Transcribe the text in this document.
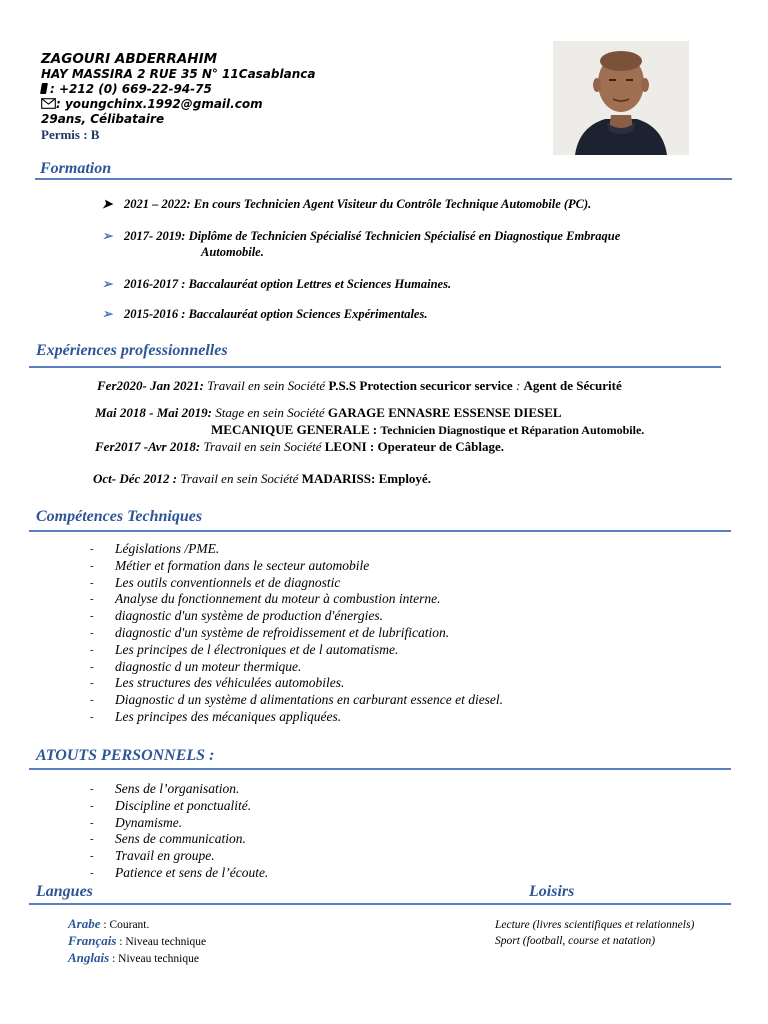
ZAGOURI ABDERRAHIM
HAY MASSIRA 2 RUE 35 N° 11Casablanca
: +212 (0) 669-22-94-75
: youngchinx.1992@gmail.com
29ans, Célibataire
Permis : B
Formation
➤ 2021 – 2022: En cours Technicien Agent Visiteur du Contrôle Technique Automobile (PC).
➢ 2017- 2019: Diplôme de Technicien Spécialisé Technicien Spécialisé en Diagnostique Embraque
Automobile.
➢ 2016-2017 : Baccalauréat option Lettres et Sciences Humaines.
➢ 2015-2016 : Baccalauréat option Sciences Expérimentales.
Expériences professionnelles
Fer2020- Jan 2021: Travail en sein Société P.S.S Protection securicor service : Agent de Sécurité
Mai 2018 - Mai 2019: Stage en sein Société GARAGE ENNASRE ESSENSE DIESEL
MECANIQUE GENERALE : Technicien Diagnostique et Réparation Automobile.
Fer2017 -Avr 2018: Travail en sein Société LEONI : Operateur de Câblage.
Oct- Déc 2012 : Travail en sein Société MADARISS: Employé.
Compétences Techniques
- Législations /PME.
- Métier et formation dans le secteur automobile
- Les outils conventionnels et de diagnostic
- Analyse du fonctionnement du moteur à combustion interne.
- diagnostic d'un système de production d'énergies.
- diagnostic d'un système de refroidissement et de lubrification.
- Les principes de l électroniques et de l automatisme.
- diagnostic d un moteur thermique.
- Les structures des véhiculées automobiles.
- Diagnostic d un système d alimentations en carburant essence et diesel.
- Les principes des mécaniques appliquées.
ATOUTS PERSONNELS :
- Sens de l’organisation.
- Discipline et ponctualité.
- Dynamisme.
- Sens de communication.
- Travail en groupe.
- Patience et sens de l’écoute.
Langues	Loisirs
Arabe : Courant.
Français : Niveau technique
Anglais : Niveau technique
Lecture (livres scientifiques et relationnels)
Sport (football, course et natation)
